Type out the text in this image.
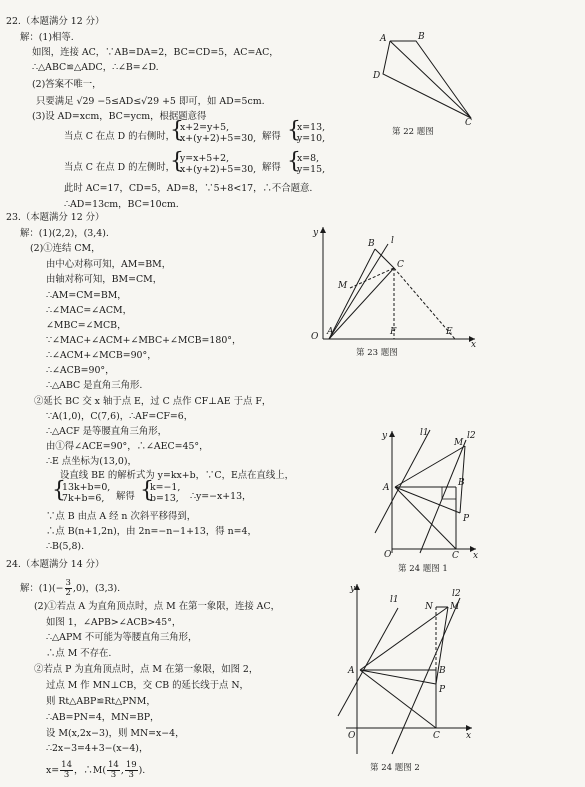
22.（本题满分 12 分）
解：(1)相等.
如图，连接 AC，∵AB=DA=2，BC=CD=5，AC=AC，
∴△ABC≌△ADC，∴∠B=∠D.
(2)答案不唯一，
只要满足 √29 −5≤AD≤√29 +5 即可，如 AD=5cm.
(3)设 AD=xcm，BC=ycm，根据题意得
当点 C 在点 D 的右侧时，
{
x+2=y+5,
x+(y+2)+5=30, 解得 {
x=13,
y=10,
当点 C 在点 D 的左侧时，
{
y=x+5+2,
x+(y+2)+5=30, 解得 {
x=8,
y=15,
此时 AC=17，CD=5，AD=8，∵5+8<17，∴不合题意.
∴AD=13cm，BC=10cm.
A	B
D
C
第 22 题图
23.（本题满分 12 分）
解：(1)(2,2)，(3,4).
(2)①连结 CM，
由中心对称可知，AM=BM，
由轴对称可知，BM=CM，
∴AM=CM=BM，
∴∠MAC=∠ACM，
∠MBC=∠MCB，
∵∠MAC+∠ACM+∠MBC+∠MCB=180°，
∴∠ACM+∠MCB=90°，
∴∠ACB=90°，
∴△ABC 是直角三角形.
②延长 BC 交 x 轴于点 E，过 C 点作 CF⊥AE 于点 F，
∵A(1,0)，C(7,6)，∴AF=CF=6，
∴△ACF 是等腰直角三角形，
由①得∠ACE=90°，∴∠AEC=45°，
∴E 点坐标为(13,0)，
设直线 BE 的解析式为 y=kx+b，∵C，E点在直线上，
{
13k+b=0,
7k+b=6,	解得 {
k=−1,
b=13, ∴y=−x+13，
∵点 B 由点 A 经 n 次斜平移得到，
∴点 B(n+1,2n)，由 2n=−n−1+13，得 n=4，
∴B(5,8).
y
B l
C
M
O A	F	E
x
第 23 题图
24.（本题满分 14 分）
解：$(1)(- \frac{3}{2} ,0)$，(3,3).
(2)①若点 A 为直角顶点时，点 M 在第一象限，连接 AC，
如图 1，∠APB>∠ACB>45°，
∴△APM 不可能为等腰直角三角形，
∴点 M 不存在.
②若点 P 为直角顶点时，点 M 在第一象限，如图 2，
过点 M 作 MN⊥CB，交 CB 的延长线于点 N，
则 Rt△ABP≌Rt△PNM，
∴AB=PN=4，MN=BP，
设 M(x,2x−3)，则 MN=x−4，
∴2x−3=4+3−(x−4)，
$x= \frac{14}{3}$ ，∴M( $\frac{14}{3}$ , $\frac{19}{3}$ ).
y	l1
M
l2
A	B
P
O	C x
第 24 题图 1
y
l1
l2
N M
A	B
P
O	C	x
第 24 题图 2
